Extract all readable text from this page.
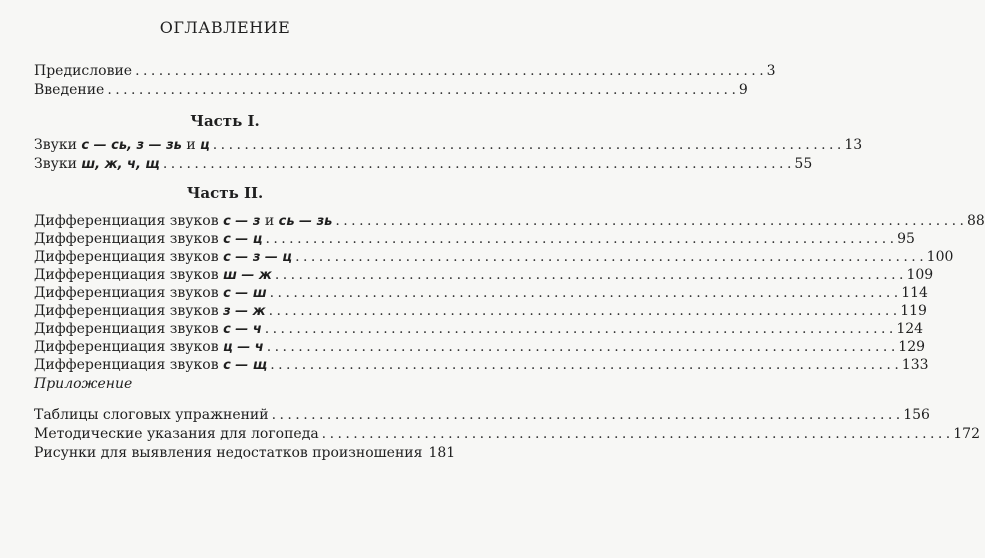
ОГЛАВЛЕНИЕ
Предисловие . . .	3
Введение . . .	9
Часть I.
Звуки с — сь, з — зь и ц . . .	13
Звуки ш, ж, ч, щ . . .	55
Часть II.
Дифференциация звуков с — з и сь — зь . . .	88
Дифференциация звуков с — ц . . .	95
Дифференциация звуков с — з — ц . . .	100
Дифференциация звуков ш — ж . . .	109
Дифференциация звуков с — ш . . .	114
Дифференциация звуков з — ж . . .	119
Дифференциация звуков с — ч . . .	124
Дифференциация звуков ц — ч . . .	129
Дифференциация звуков с — щ . . .	133
Приложение
Таблицы слоговых упражнений . . .	156
Методические указания для логопеда . . .	172
Рисунки для выявления недостатков произношения 181
